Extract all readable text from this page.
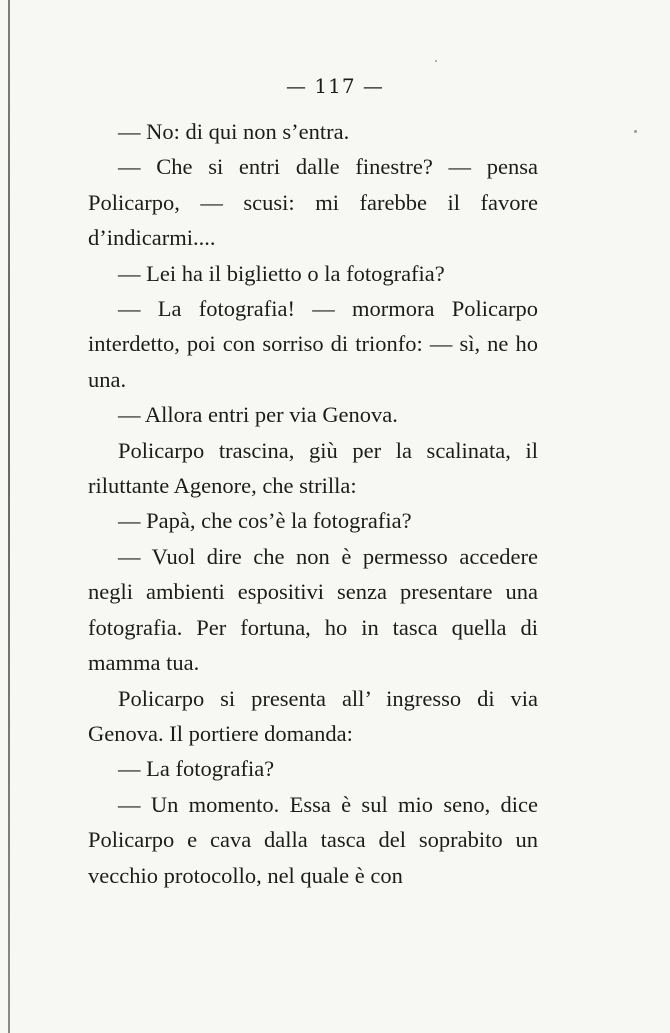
— 117 —

— No: di qui non s’entra.

— Che si entri dalle finestre? — pensa Policarpo, — scusi: mi farebbe il favore d’indicarmi....

— Lei ha il biglietto o la fotografia?

— La fotografia! — mormora Policarpo interdetto, poi con sorriso di trionfo: — sì, ne ho una.

— Allora entri per via Genova.

Policarpo trascina, giù per la scalinata, il riluttante Agenore, che strilla:

— Papà, che cos’è la fotografia?

— Vuol dire che non è permesso accedere negli ambienti espositivi senza presentare una fotografia. Per fortuna, ho in tasca quella di mamma tua.

Policarpo si presenta all’ ingresso di via Genova. Il portiere domanda:

— La fotografia?

— Un momento. Essa è sul mio seno, dice Policarpo e cava dalla tasca del soprabito un vecchio protocollo, nel quale è con
